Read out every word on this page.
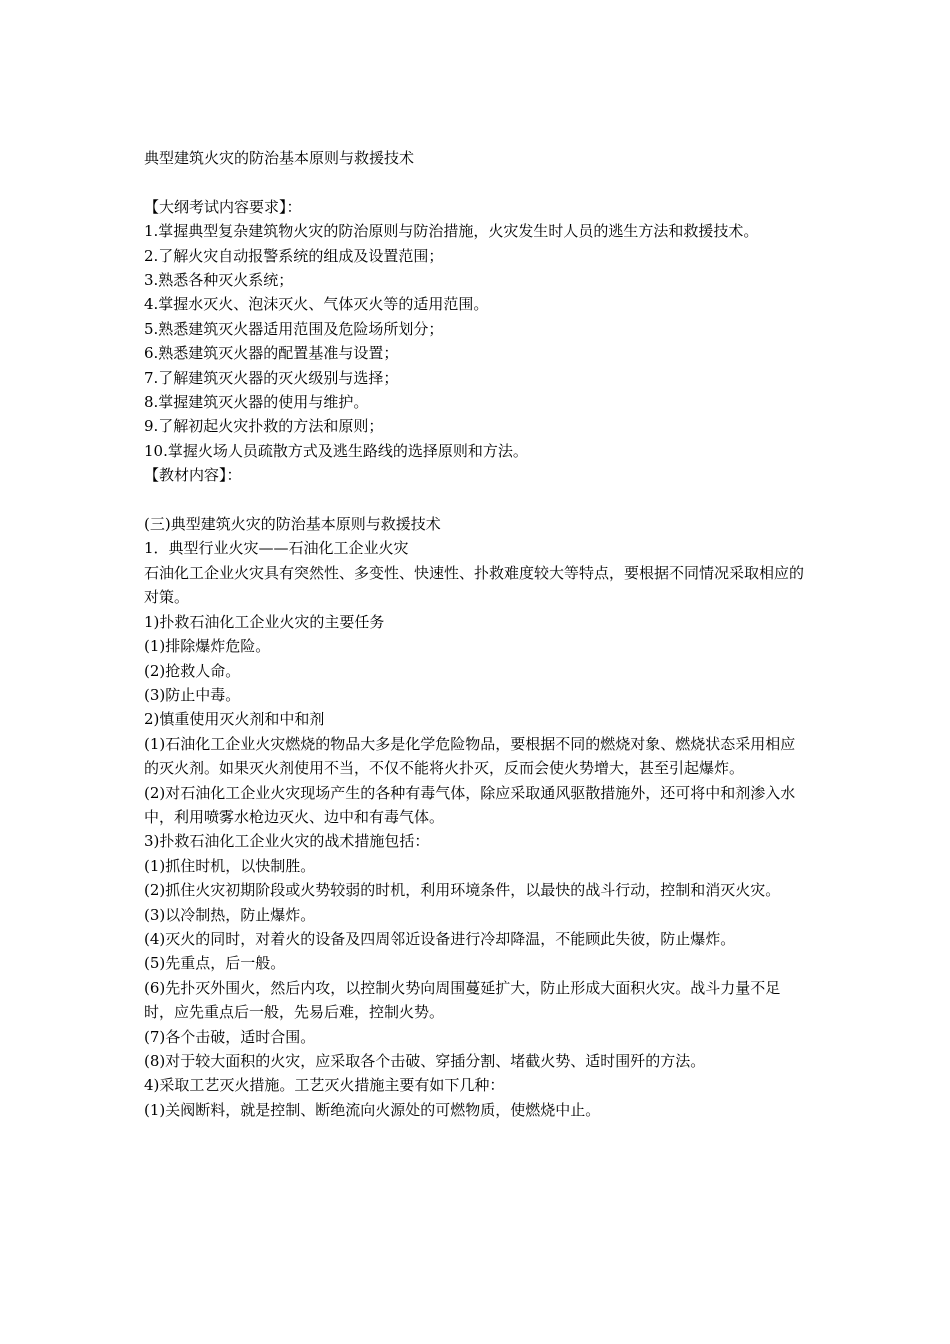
典型建筑火灾的防治基本原则与救援技术

【大纲考试内容要求】：

1.掌握典型复杂建筑物火灾的防治原则与防治措施，火灾发生时人员的逃生方法和救援技术。

2.了解火灾自动报警系统的组成及设置范围；

3.熟悉各种灭火系统；

4.掌握水灭火、泡沫灭火、气体灭火等的适用范围。

5.熟悉建筑灭火器适用范围及危险场所划分；

6.熟悉建筑灭火器的配置基准与设置；

7.了解建筑灭火器的灭火级别与选择；

8.掌握建筑灭火器的使用与维护。

9.了解初起火灾扑救的方法和原则；

10.掌握火场人员疏散方式及逃生路线的选择原则和方法。

【教材内容】：

(三)典型建筑火灾的防治基本原则与救援技术

1．典型行业火灾——石油化工企业火灾

石油化工企业火灾具有突然性、多变性、快速性、扑救难度较大等特点，要根据不同情况采取相应的对策。

1)扑救石油化工企业火灾的主要任务

(1)排除爆炸危险。

(2)抢救人命。

(3)防止中毒。

2)慎重使用灭火剂和中和剂

(1)石油化工企业火灾燃烧的物品大多是化学危险物品，要根据不同的燃烧对象、燃烧状态采用相应的灭火剂。如果灭火剂使用不当，不仅不能将火扑灭，反而会使火势增大，甚至引起爆炸。

(2)对石油化工企业火灾现场产生的各种有毒气体，除应采取通风驱散措施外，还可将中和剂渗入水中，利用喷雾水枪边灭火、边中和有毒气体。

3)扑救石油化工企业火灾的战术措施包括：

(1)抓住时机，以快制胜。

(2)抓住火灾初期阶段或火势较弱的时机，利用环境条件，以最快的战斗行动，控制和消灭火灾。

(3)以冷制热，防止爆炸。

(4)灭火的同时，对着火的设备及四周邻近设备进行冷却降温，不能顾此失彼，防止爆炸。

(5)先重点，后一般。

(6)先扑灭外围火，然后内攻，以控制火势向周围蔓延扩大，防止形成大面积火灾。战斗力量不足时，应先重点后一般，先易后难，控制火势。

(7)各个击破，适时合围。

(8)对于较大面积的火灾，应采取各个击破、穿插分割、堵截火势、适时围歼的方法。

4)采取工艺灭火措施。工艺灭火措施主要有如下几种：

(1)关阀断料，就是控制、断绝流向火源处的可燃物质，使燃烧中止。
